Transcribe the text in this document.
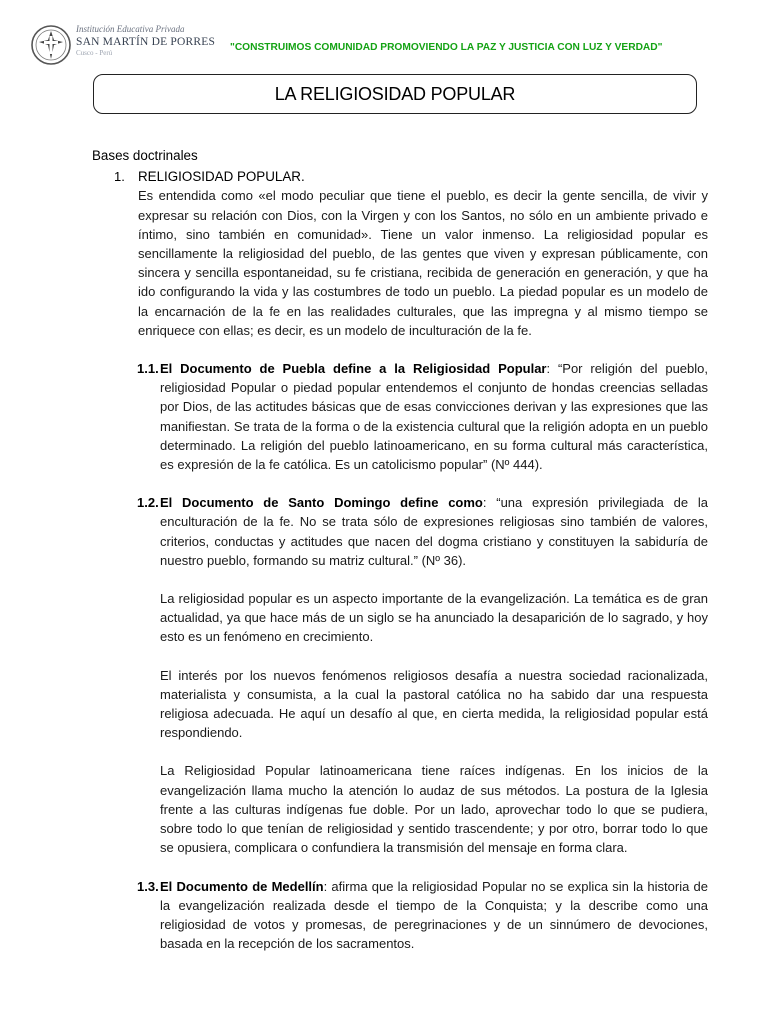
Institución Educativa Privada
SAN MARTÍN DE PORRES
Cusco - Perú	"CONSTRUIMOS COMUNIDAD PROMOVIENDO LA PAZ Y JUSTICIA CON LUZ Y VERDAD"
LA RELIGIOSIDAD POPULAR
Bases doctrinales
1. RELIGIOSIDAD POPULAR.

Es entendida como «el modo peculiar que tiene el pueblo, es decir la gente sencilla, de vivir y expresar su relación con Dios, con la Virgen y con los Santos, no sólo en un ambiente privado e íntimo, sino también en comunidad». Tiene un valor inmenso. La religiosidad popular es sencillamente la religiosidad del pueblo, de las gentes que viven y expresan públicamente, con sincera y sencilla espontaneidad, su fe cristiana, recibida de generación en generación, y que ha ido configurando la vida y las costumbres de todo un pueblo. La piedad popular es un modelo de la encarnación de la fe en las realidades culturales, que las impregna y al mismo tiempo se enriquece con ellas; es decir, es un modelo de inculturación de la fe.

1.1. El Documento de Puebla define a la Religiosidad Popular: “Por religión del pueblo, religiosidad Popular o piedad popular entendemos el conjunto de hondas creencias selladas por Dios, de las actitudes básicas que de esas convicciones derivan y las expresiones que las manifiestan. Se trata de la forma o de la existencia cultural que la religión adopta en un pueblo determinado. La religión del pueblo latinoamericano, en su forma cultural más característica, es expresión de la fe católica. Es un catolicismo popular” (Nº 444).

1.2. El Documento de Santo Domingo define como: “una expresión privilegiada de la enculturación de la fe. No se trata sólo de expresiones religiosas sino también de valores, criterios, conductas y actitudes que nacen del dogma cristiano y constituyen la sabiduría de nuestro pueblo, formando su matriz cultural.” (Nº 36).

La religiosidad popular es un aspecto importante de la evangelización. La temática es de gran actualidad, ya que hace más de un siglo se ha anunciado la desaparición de lo sagrado, y hoy esto es un fenómeno en crecimiento.

El interés por los nuevos fenómenos religiosos desafía a nuestra sociedad racionalizada, materialista y consumista, a la cual la pastoral católica no ha sabido dar una respuesta religiosa adecuada. He aquí un desafío al que, en cierta medida, la religiosidad popular está respondiendo.

La Religiosidad Popular latinoamericana tiene raíces indígenas. En los inicios de la evangelización llama mucho la atención lo audaz de sus métodos. La postura de la Iglesia frente a las culturas indígenas fue doble. Por un lado, aprovechar todo lo que se pudiera, sobre todo lo que tenían de religiosidad y sentido trascendente; y por otro, borrar todo lo que se opusiera, complicara o confundiera la transmisión del mensaje en forma clara.

1.3. El Documento de Medellín: afirma que la religiosidad Popular no se explica sin la historia de la evangelización realizada desde el tiempo de la Conquista; y la describe como una religiosidad de votos y promesas, de peregrinaciones y de un sinnúmero de devociones, basada en la recepción de los sacramentos.
